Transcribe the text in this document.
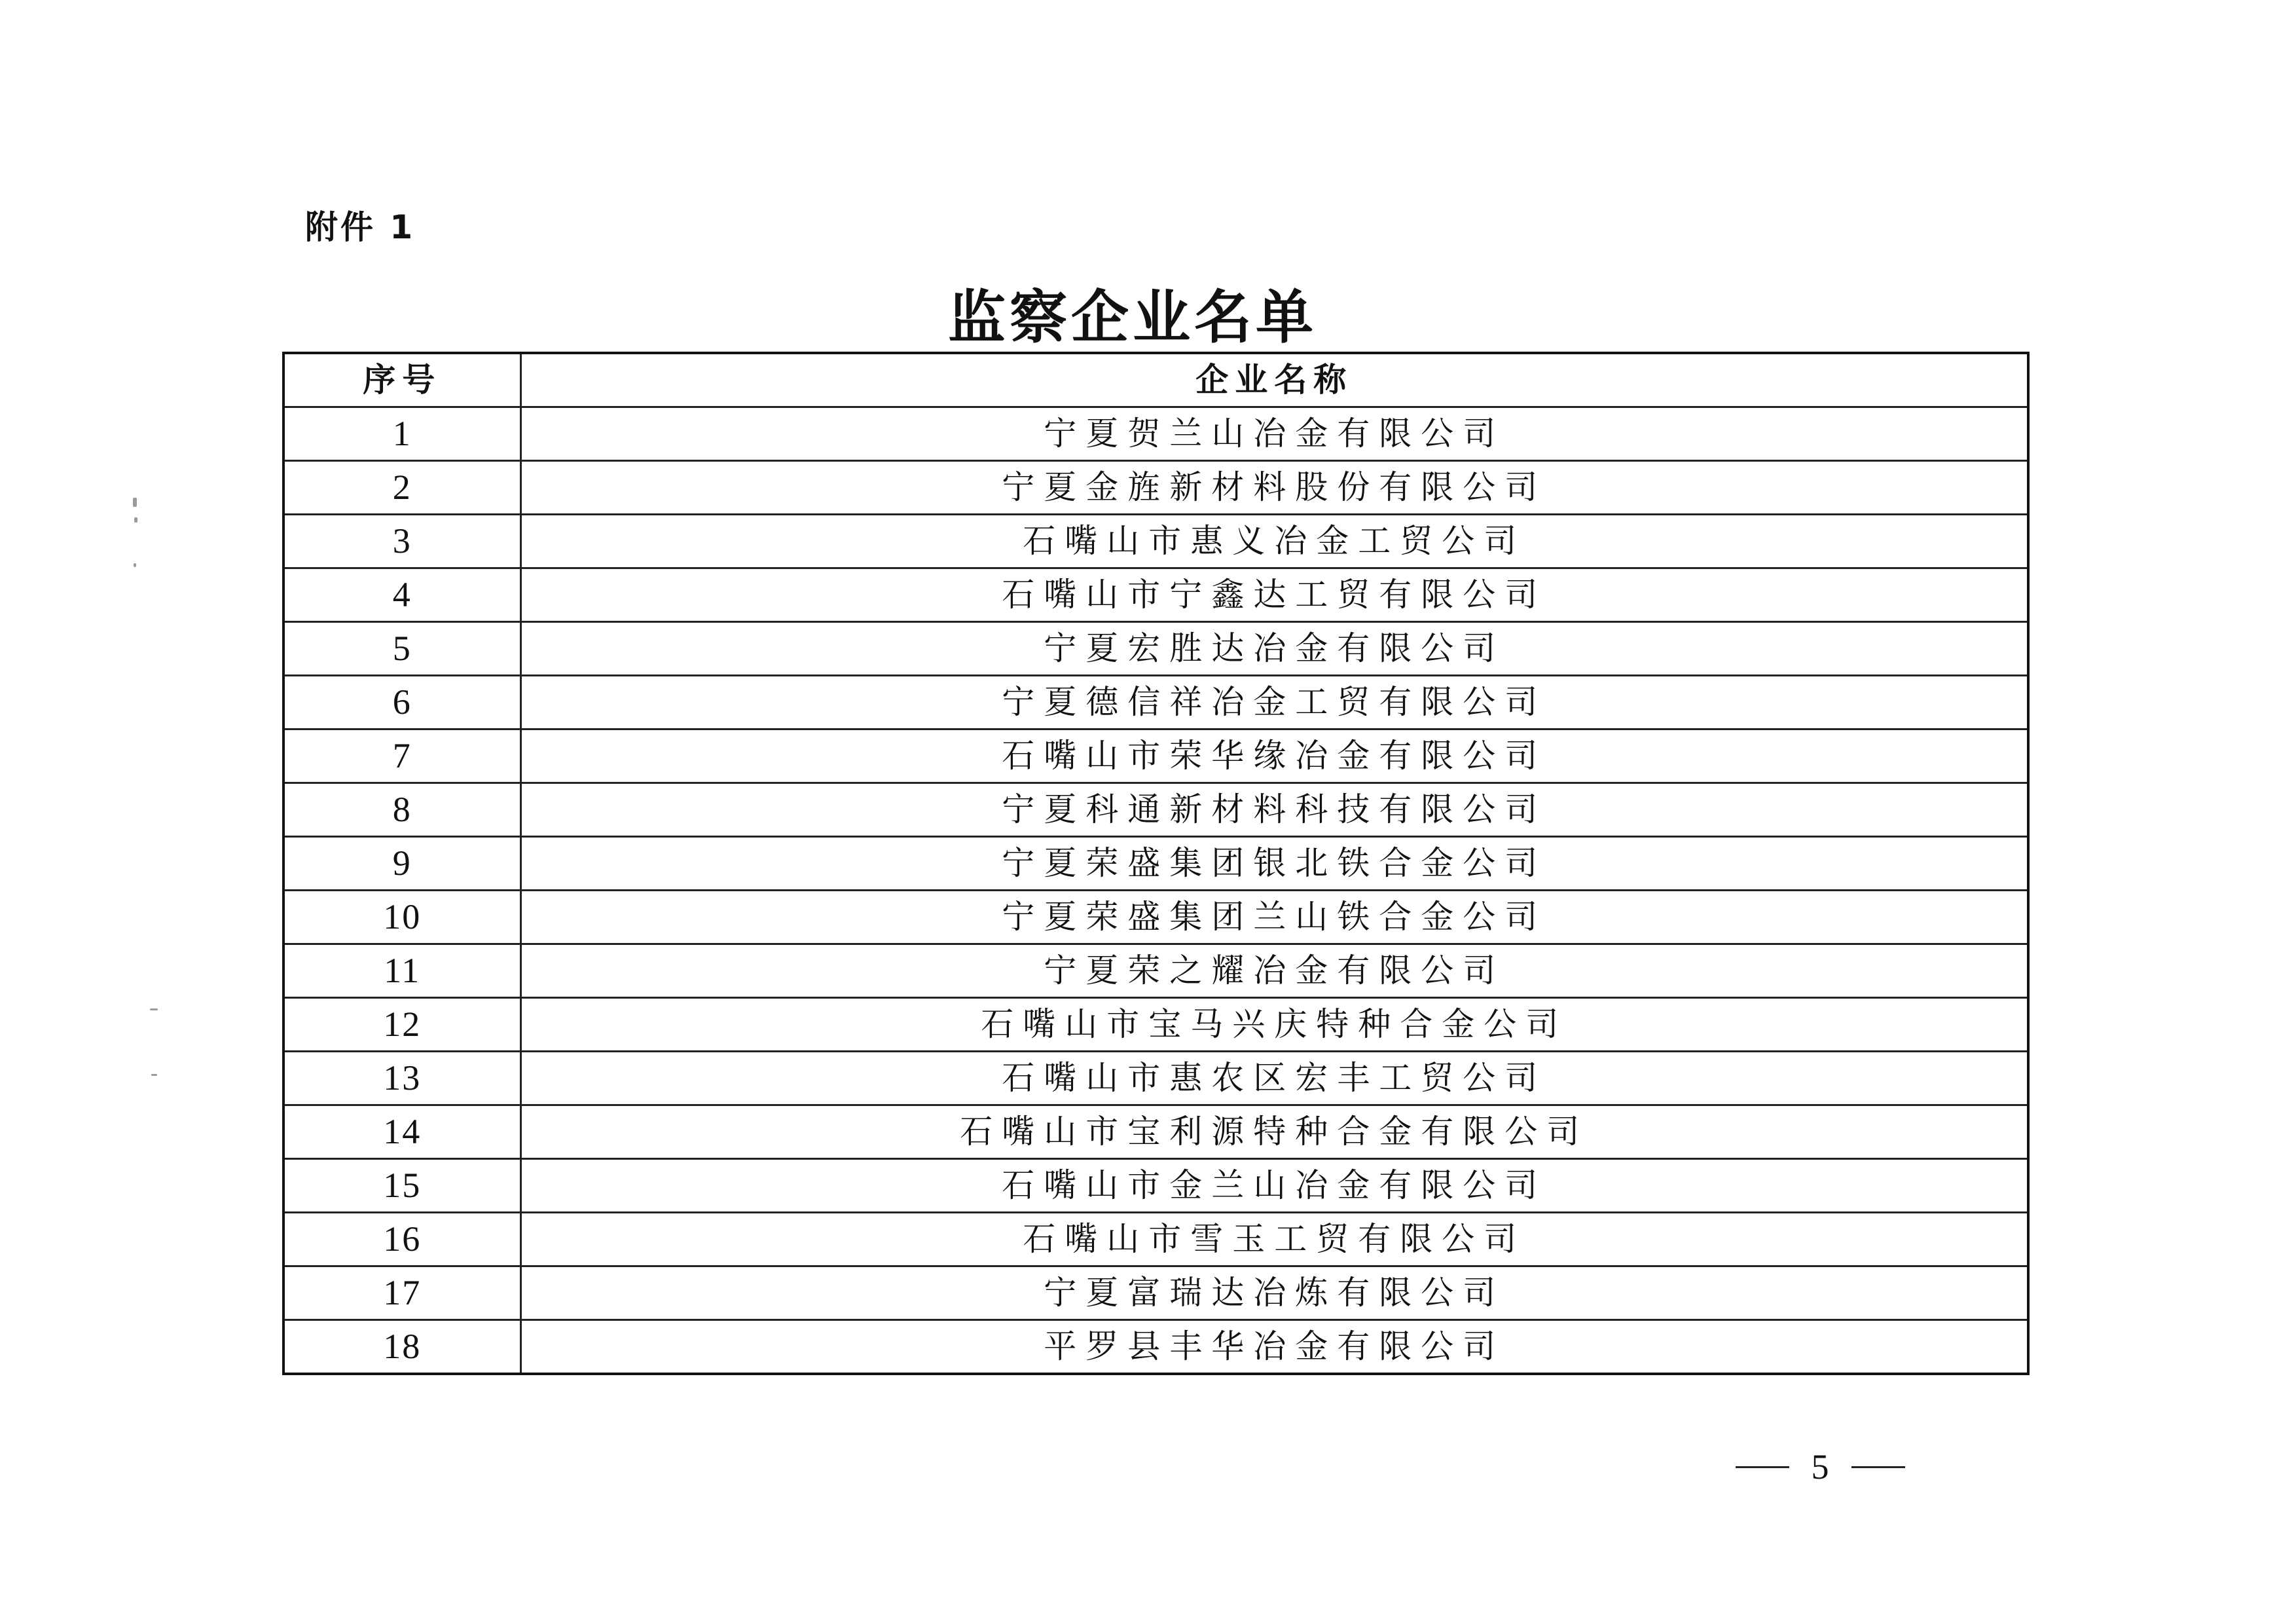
附件 1
监察企业名单
序号	企业名称
1	宁夏贺兰山冶金有限公司
2	宁夏金旌新材料股份有限公司
3	石嘴山市惠义冶金工贸公司
4	石嘴山市宁鑫达工贸有限公司
5	宁夏宏胜达冶金有限公司
6	宁夏德信祥冶金工贸有限公司
7	石嘴山市荣华缘冶金有限公司
8	宁夏科通新材料科技有限公司
9	宁夏荣盛集团银北铁合金公司
10	宁夏荣盛集团兰山铁合金公司
11	宁夏荣之耀冶金有限公司
12	石嘴山市宝马兴庆特种合金公司
13	石嘴山市惠农区宏丰工贸公司
14	石嘴山市宝利源特种合金有限公司
15	石嘴山市金兰山冶金有限公司
16	石嘴山市雪玉工贸有限公司
17	宁夏富瑞达冶炼有限公司
18	平罗县丰华冶金有限公司
5
